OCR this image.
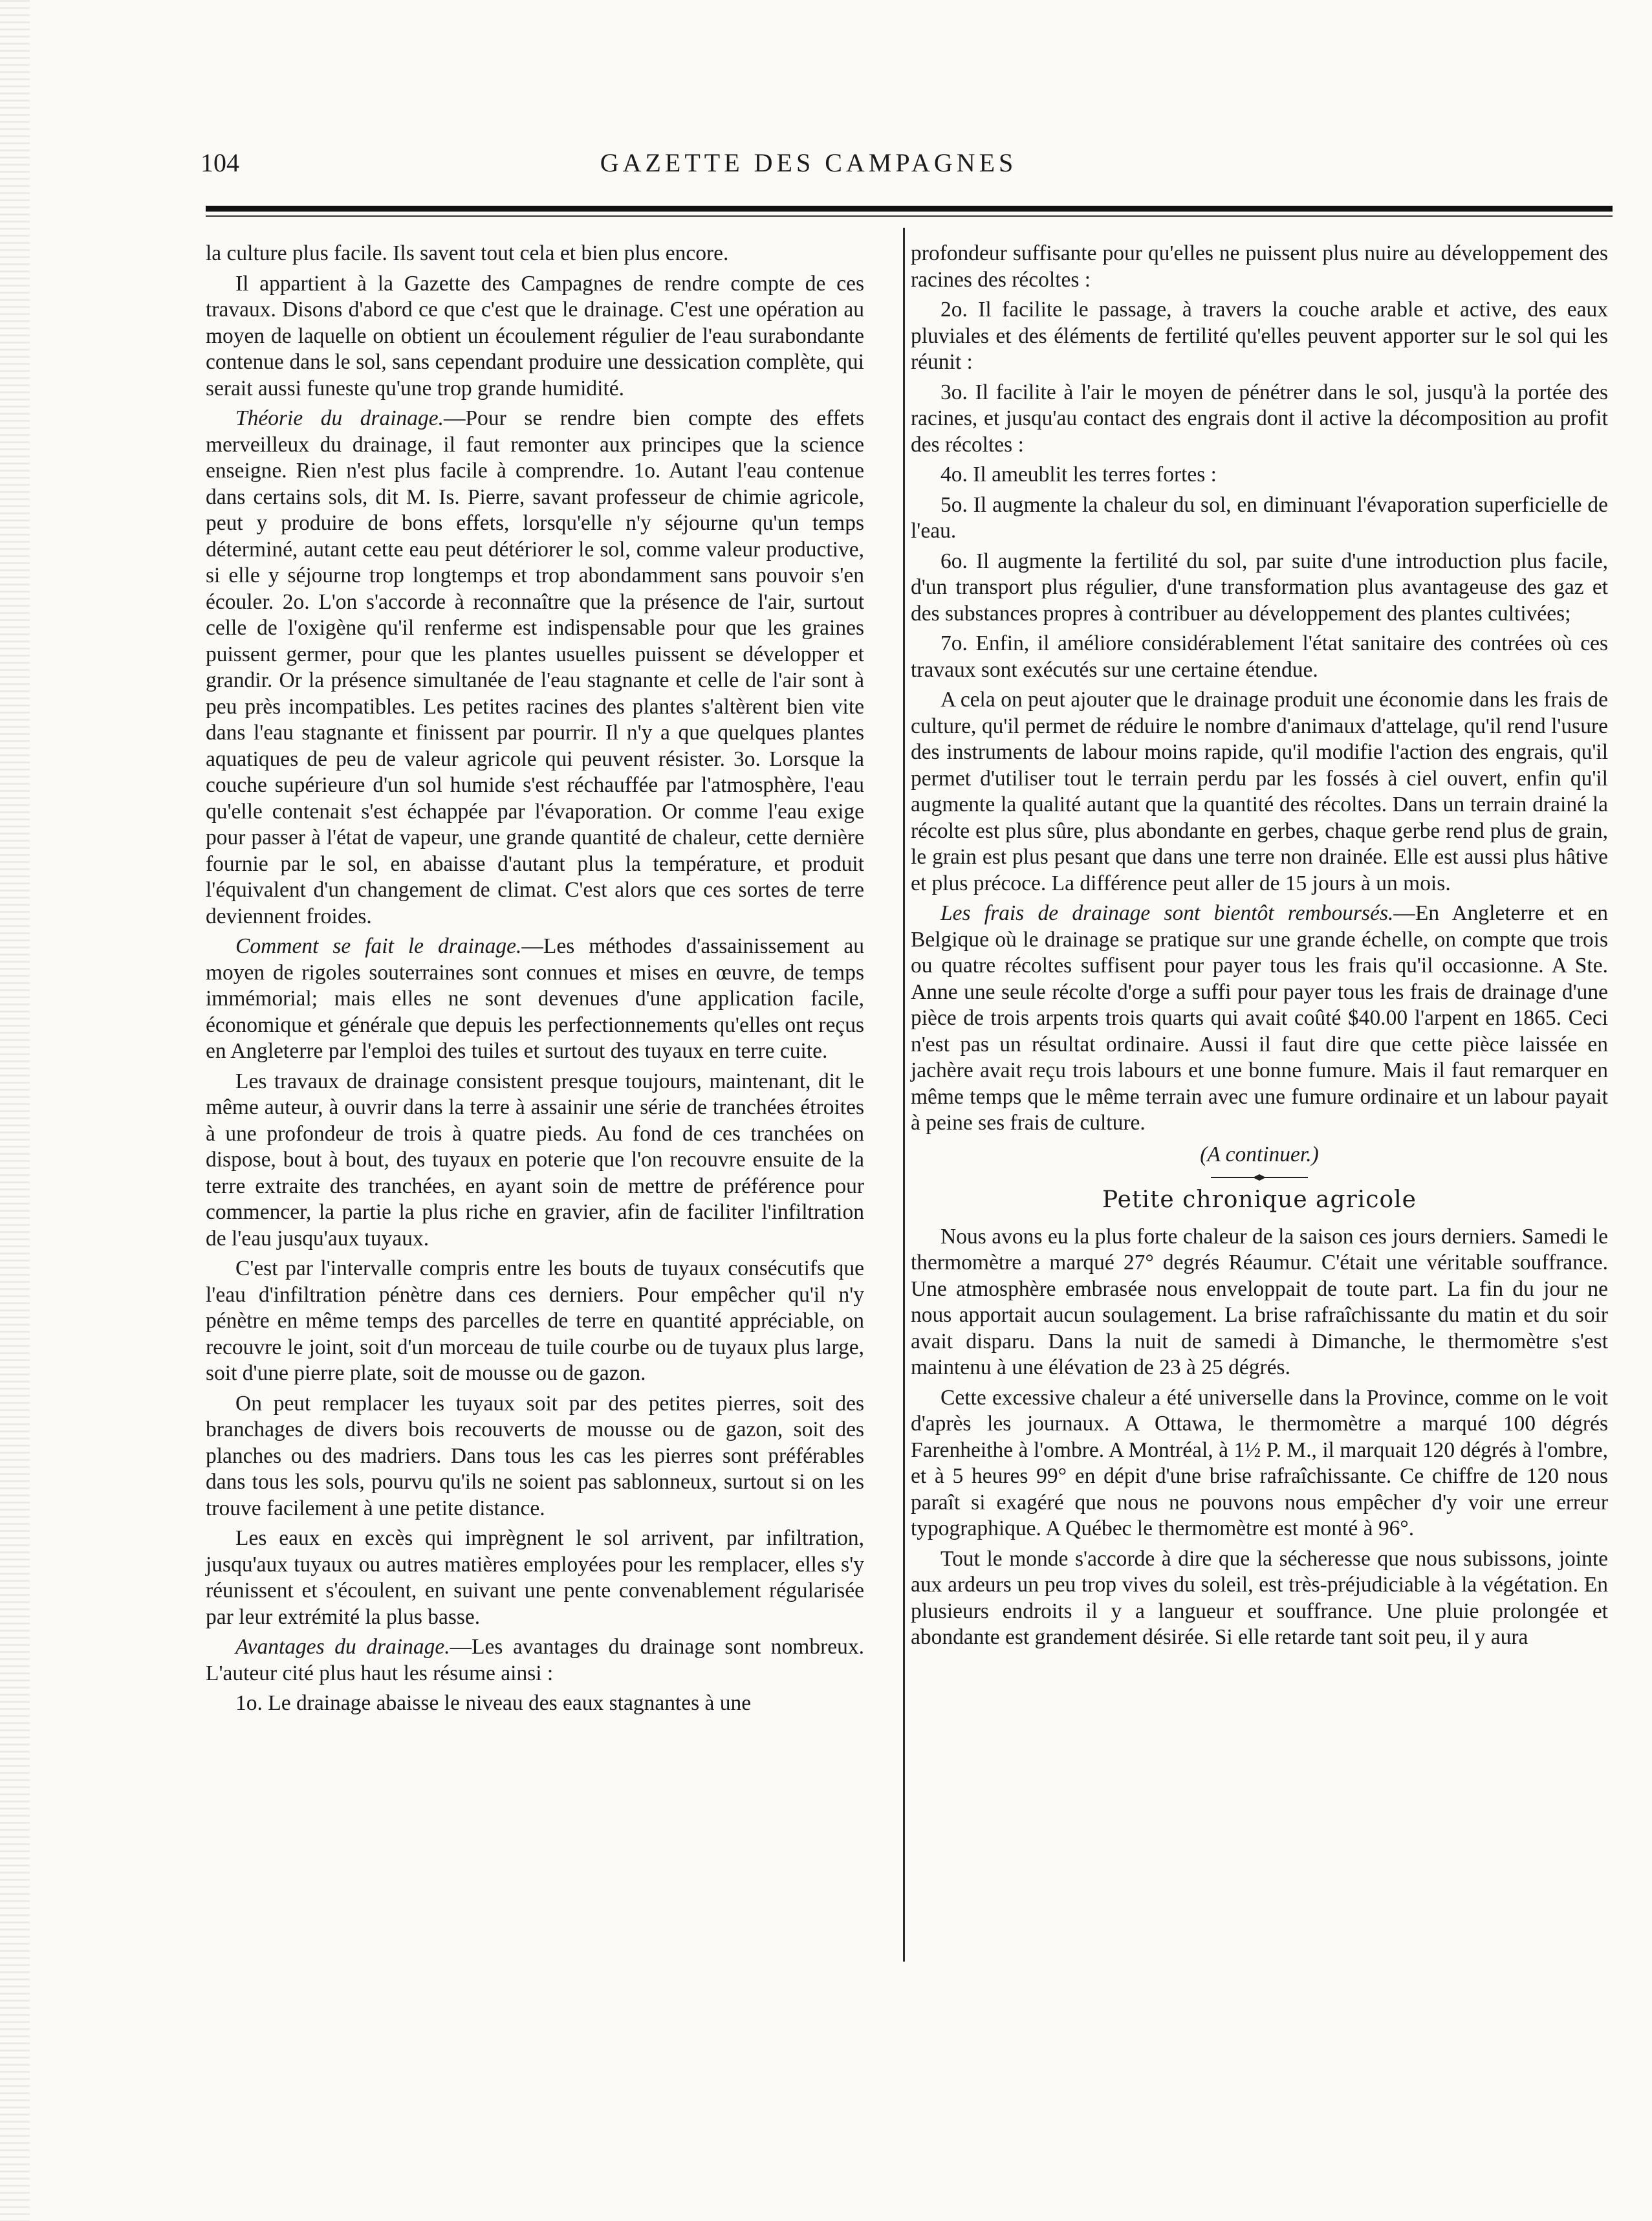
104	GAZETTE DES CAMPAGNES

la culture plus facile. Ils savent tout cela et bien plus encore.

Il appartient à la Gazette des Campagnes de rendre compte de ces travaux. Disons d'abord ce que c'est que le drainage. C'est une opération au moyen de laquelle on obtient un écoulement régulier de l'eau surabondante contenue dans le sol, sans cependant produire une dessication complète, qui serait aussi funeste qu'une trop grande humidité.

Théorie du drainage.—Pour se rendre bien compte des effets merveilleux du drainage, il faut remonter aux principes que la science enseigne. Rien n'est plus facile à comprendre. 1o. Autant l'eau contenue dans certains sols, dit M. Is. Pierre, savant professeur de chimie agricole, peut y produire de bons effets, lorsqu'elle n'y séjourne qu'un temps déterminé, autant cette eau peut détériorer le sol, comme valeur productive, si elle y séjourne trop longtemps et trop abondamment sans pouvoir s'en écouler. 2o. L'on s'accorde à reconnaître que la présence de l'air, surtout celle de l'oxigène qu'il renferme est indispensable pour que les graines puissent germer, pour que les plantes usuelles puissent se développer et grandir. Or la présence simultanée de l'eau stagnante et celle de l'air sont à peu près incompatibles. Les petites racines des plantes s'altèrent bien vite dans l'eau stagnante et finissent par pourrir. Il n'y a que quelques plantes aquatiques de peu de valeur agricole qui peuvent résister. 3o. Lorsque la couche supérieure d'un sol humide s'est réchauffée par l'atmosphère, l'eau qu'elle contenait s'est échappée par l'évaporation. Or comme l'eau exige pour passer à l'état de vapeur, une grande quantité de chaleur, cette dernière fournie par le sol, en abaisse d'autant plus la température, et produit l'équivalent d'un changement de climat. C'est alors que ces sortes de terre deviennent froides.

Comment se fait le drainage.—Les méthodes d'assainissement au moyen de rigoles souterraines sont connues et mises en œuvre, de temps immémorial; mais elles ne sont devenues d'une application facile, économique et générale que depuis les perfectionnements qu'elles ont reçus en Angleterre par l'emploi des tuiles et surtout des tuyaux en terre cuite.

Les travaux de drainage consistent presque toujours, maintenant, dit le même auteur, à ouvrir dans la terre à assainir une série de tranchées étroites à une profondeur de trois à quatre pieds. Au fond de ces tranchées on dispose, bout à bout, des tuyaux en poterie que l'on recouvre ensuite de la terre extraite des tranchées, en ayant soin de mettre de préférence pour commencer, la partie la plus riche en gravier, afin de faciliter l'infiltration de l'eau jusqu'aux tuyaux.

C'est par l'intervalle compris entre les bouts de tuyaux consécutifs que l'eau d'infiltration pénètre dans ces derniers. Pour empêcher qu'il n'y pénètre en même temps des parcelles de terre en quantité appréciable, on recouvre le joint, soit d'un morceau de tuile courbe ou de tuyaux plus large, soit d'une pierre plate, soit de mousse ou de gazon.

On peut remplacer les tuyaux soit par des petites pierres, soit des branchages de divers bois recouverts de mousse ou de gazon, soit des planches ou des madriers. Dans tous les cas les pierres sont préférables dans tous les sols, pourvu qu'ils ne soient pas sablonneux, surtout si on les trouve facilement à une petite distance.

Les eaux en excès qui imprègnent le sol arrivent, par infiltration, jusqu'aux tuyaux ou autres matières employées pour les remplacer, elles s'y réunissent et s'écoulent, en suivant une pente convenablement régularisée par leur extrémité la plus basse.

Avantages du drainage.—Les avantages du drainage sont nombreux. L'auteur cité plus haut les résume ainsi :

1o. Le drainage abaisse le niveau des eaux stagnantes à une

profondeur suffisante pour qu'elles ne puissent plus nuire au développement des racines des récoltes :

2o. Il facilite le passage, à travers la couche arable et active, des eaux pluviales et des éléments de fertilité qu'elles peuvent apporter sur le sol qui les réunit :

3o. Il facilite à l'air le moyen de pénétrer dans le sol, jusqu'à la portée des racines, et jusqu'au contact des engrais dont il active la décomposition au profit des récoltes :

4o. Il ameublit les terres fortes :

5o. Il augmente la chaleur du sol, en diminuant l'évaporation superficielle de l'eau.

6o. Il augmente la fertilité du sol, par suite d'une introduction plus facile, d'un transport plus régulier, d'une transformation plus avantageuse des gaz et des substances propres à contribuer au développement des plantes cultivées;

7o. Enfin, il améliore considérablement l'état sanitaire des contrées où ces travaux sont exécutés sur une certaine étendue.

A cela on peut ajouter que le drainage produit une économie dans les frais de culture, qu'il permet de réduire le nombre d'animaux d'attelage, qu'il rend l'usure des instruments de labour moins rapide, qu'il modifie l'action des engrais, qu'il permet d'utiliser tout le terrain perdu par les fossés à ciel ouvert, enfin qu'il augmente la qualité autant que la quantité des récoltes. Dans un terrain drainé la récolte est plus sûre, plus abondante en gerbes, chaque gerbe rend plus de grain, le grain est plus pesant que dans une terre non drainée. Elle est aussi plus hâtive et plus précoce. La différence peut aller de 15 jours à un mois.

Les frais de drainage sont bientôt remboursés.—En Angleterre et en Belgique où le drainage se pratique sur une grande échelle, on compte que trois ou quatre récoltes suffisent pour payer tous les frais qu'il occasionne. A Ste. Anne une seule récolte d'orge a suffi pour payer tous les frais de drainage d'une pièce de trois arpents trois quarts qui avait coûté $40.00 l'arpent en 1865. Ceci n'est pas un résultat ordinaire. Aussi il faut dire que cette pièce laissée en jachère avait reçu trois labours et une bonne fumure. Mais il faut remarquer en même temps que le même terrain avec une fumure ordinaire et un labour payait à peine ses frais de culture.

(A continuer.)
Petite chronique agricole

Nous avons eu la plus forte chaleur de la saison ces jours derniers. Samedi le thermomètre a marqué 27° degrés Réaumur. C'était une véritable souffrance. Une atmosphère embrasée nous enveloppait de toute part. La fin du jour ne nous apportait aucun soulagement. La brise rafraîchissante du matin et du soir avait disparu. Dans la nuit de samedi à Dimanche, le thermomètre s'est maintenu à une élévation de 23 à 25 dégrés.

Cette excessive chaleur a été universelle dans la Province, comme on le voit d'après les journaux. A Ottawa, le thermomètre a marqué 100 dégrés Farenheithe à l'ombre. A Montréal, à 1½ P. M., il marquait 120 dégrés à l'ombre, et à 5 heures 99° en dépit d'une brise rafraîchissante. Ce chiffre de 120 nous paraît si exagéré que nous ne pouvons nous empêcher d'y voir une erreur typographique. A Québec le thermomètre est monté à 96°.

Tout le monde s'accorde à dire que la sécheresse que nous subissons, jointe aux ardeurs un peu trop vives du soleil, est très-préjudiciable à la végétation. En plusieurs endroits il y a langueur et souffrance. Une pluie prolongée et abondante est grandement désirée. Si elle retarde tant soit peu, il y aura
